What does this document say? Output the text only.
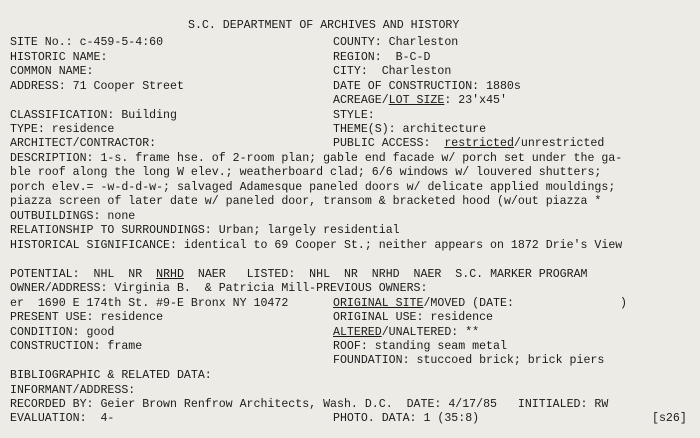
S.C. DEPARTMENT OF ARCHIVES AND HISTORY
SITE No.: c-459-5-4:60
HISTORIC NAME:
COMMON NAME:
ADDRESS: 71 Cooper Street
CLASSIFICATION: Building
TYPE: residence
ARCHITECT/CONTRACTOR:
COUNTY: Charleston
REGION:  B-C-D
CITY:  Charleston
DATE OF CONSTRUCTION: 1880s
ACREAGE/LOT SIZE: 23'x45'
STYLE:
THEME(S): architecture
PUBLIC ACCESS:  restricted/unrestricted
DESCRIPTION: 1-s. frame hse. of 2-room plan; gable end facade w/ porch set under the ga-
ble roof along the long W elev.; weatherboard clad; 6/6 windows w/ louvered shutters;
porch elev.= -w-d-d-w-; salvaged Adamesque paneled doors w/ delicate applied mouldings;
piazza screen of later date w/ paneled door, transom & bracketed hood (w/out piazza *
OUTBUILDINGS: none
RELATIONSHIP TO SURROUNDINGS: Urban; largely residential
HISTORICAL SIGNIFICANCE: identical to 69 Cooper St.; neither appears on 1872 Drie's View
POTENTIAL:  NHL  NR  NRHD  NAER   LISTED:  NHL  NR  NRHD  NAER  S.C. MARKER PROGRAM
OWNER/ADDRESS: Virginia B.  & Patricia Mill-PREVIOUS OWNERS:
er  1690 E 174th St. #9-E Bronx NY 10472	ORIGINAL SITE/MOVED (DATE:	)
PRESENT USE: residence	ORIGINAL USE: residence
CONDITION: good	ALTERED/UNALTERED: **
CONSTRUCTION: frame	ROOF: standing seam metal
FOUNDATION: stuccoed brick; brick piers
BIBLIOGRAPHIC & RELATED DATA:
INFORMANT/ADDRESS:
RECORDED BY: Geier Brown Renfrow Architects, Wash. D.C.  DATE: 4/17/85   INITIALED: RW
EVALUATION:  4-	PHOTO. DATA: 1 (35:8)	[s26]
